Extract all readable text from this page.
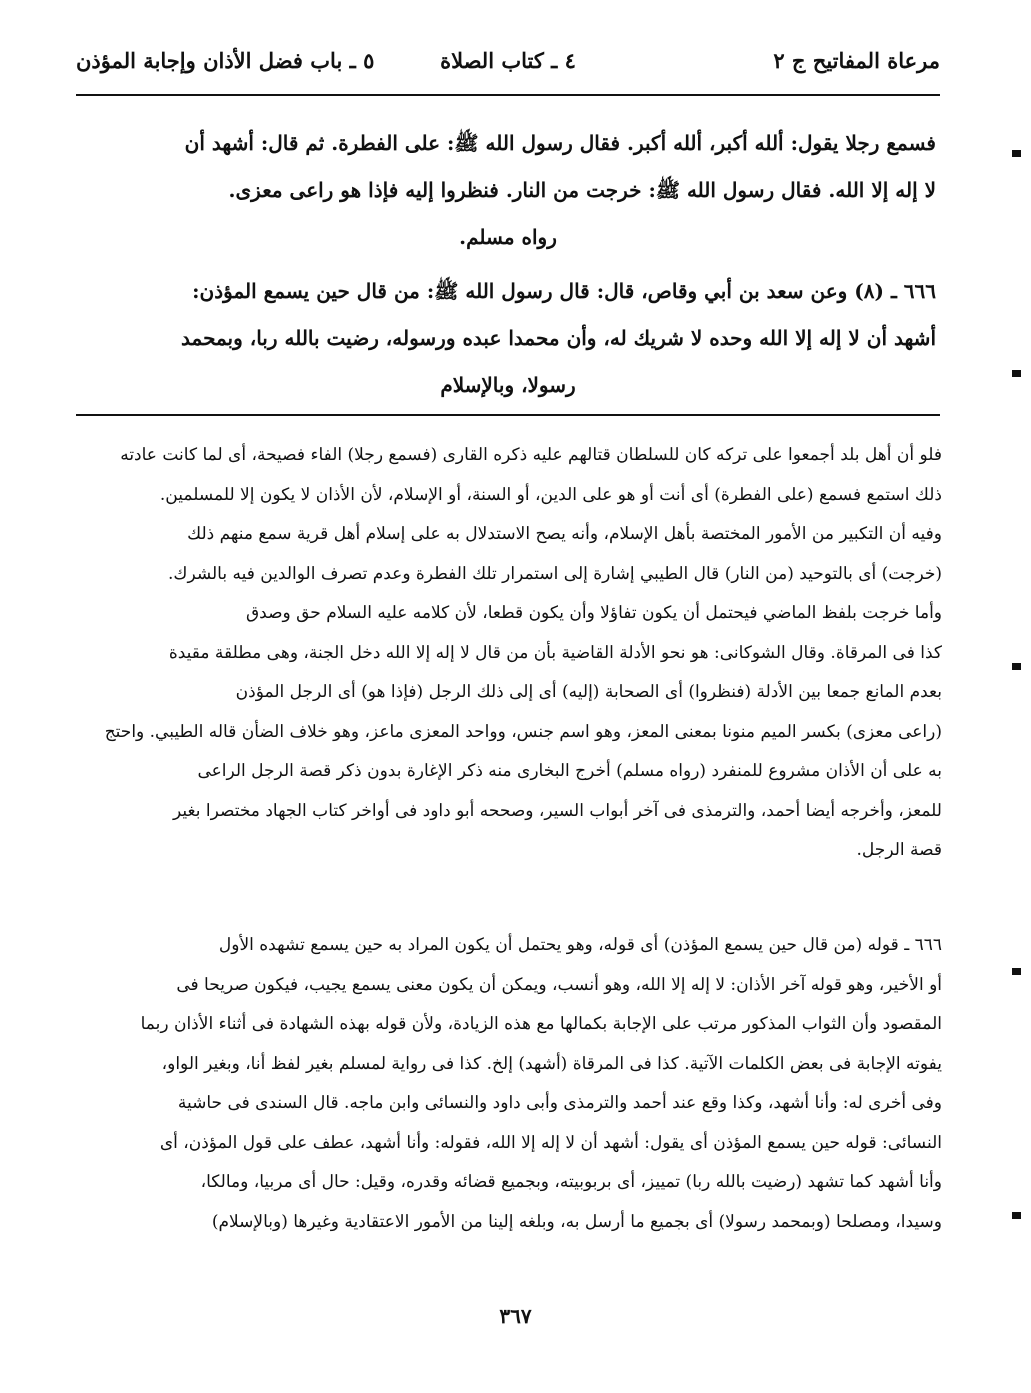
مرعاة المفاتيح ج ٢
٤ ـ كتاب الصلاة
٥ ـ باب فضل الأذان وإجابة المؤذن

فسمع رجلا يقول: ألله أكبر، ألله أكبر. فقال رسول الله ﷺ: على الفطرة. ثم قال: أشهد أن

لا إله إلا الله. فقال رسول الله ﷺ: خرجت من النار. فنظروا إليه فإذا هو راعى معزى.

رواه مسلم.

٦٦٦ ـ (٨) وعن سعد بن أبي وقاص، قال: قال رسول الله ﷺ: من قال حين يسمع المؤذن:

أشهد أن لا إله إلا الله وحده لا شريك له، وأن محمدا عبده ورسوله، رضيت بالله ربا، وبمحمد

رسولا، وبالإسلام

فلو أن أهل بلد أجمعوا على تركه كان للسلطان قتالهم عليه ذكره القارى (فسمع رجلا) الفاء فصيحة، أى لما كانت عادته

ذلك استمع فسمع (على الفطرة) أى أنت أو هو على الدين، أو السنة، أو الإسلام، لأن الأذان لا يكون إلا للمسلمين.

وفيه أن التكبير من الأمور المختصة بأهل الإسلام، وأنه يصح الاستدلال به على إسلام أهل قرية سمع منهم ذلك

(خرجت) أى بالتوحيد (من النار) قال الطيبي إشارة إلى استمرار تلك الفطرة وعدم تصرف الوالدين فيه بالشرك.

وأما خرجت بلفظ الماضي فيحتمل أن يكون تفاؤلا وأن يكون قطعا، لأن كلامه عليه السلام حق وصدق

كذا فى المرقاة. وقال الشوكانى: هو نحو الأدلة القاضية بأن من قال لا إله إلا الله دخل الجنة، وهى مطلقة مقيدة

بعدم المانع جمعا بين الأدلة (فنظروا) أى الصحابة (إليه) أى إلى ذلك الرجل (فإذا هو) أى الرجل المؤذن

(راعى معزى) بكسر الميم منونا بمعنى المعز، وهو اسم جنس، وواحد المعزى ماعز، وهو خلاف الضأن قاله الطيبي. واحتج

به على أن الأذان مشروع للمنفرد (رواه مسلم) أخرج البخارى منه ذكر الإغارة بدون ذكر قصة الرجل الراعى

للمعز، وأخرجه أيضا أحمد، والترمذى فى آخر أبواب السير، وصححه أبو داود فى أواخر كتاب الجهاد مختصرا بغير

قصة الرجل.

٦٦٦ ـ قوله (من قال حين يسمع المؤذن) أى قوله، وهو يحتمل أن يكون المراد به حين يسمع تشهده الأول

أو الأخير، وهو قوله آخر الأذان: لا إله إلا الله، وهو أنسب، ويمكن أن يكون معنى يسمع يجيب، فيكون صريحا فى

المقصود وأن الثواب المذكور مرتب على الإجابة بكمالها مع هذه الزيادة، ولأن قوله بهذه الشهادة فى أثناء الأذان ربما

يفوته الإجابة فى بعض الكلمات الآتية. كذا فى المرقاة (أشهد) إلخ. كذا فى رواية لمسلم بغير لفظ أنا، وبغير الواو،

وفى أخرى له: وأنا أشهد، وكذا وقع عند أحمد والترمذى وأبى داود والنسائى وابن ماجه. قال السندى فى حاشية

النسائى: قوله حين يسمع المؤذن أى يقول: أشهد أن لا إله إلا الله، فقوله: وأنا أشهد، عطف على قول المؤذن، أى

وأنا أشهد كما تشهد (رضيت بالله ربا) تمييز، أى بربوبيته، وبجميع قضائه وقدره، وقيل: حال أى مربيا، ومالكا،

وسيدا، ومصلحا (وبمحمد رسولا) أى بجميع ما أرسل به، وبلغه إلينا من الأمور الاعتقادية وغيرها (وبالإسلام)

٣٦٧
